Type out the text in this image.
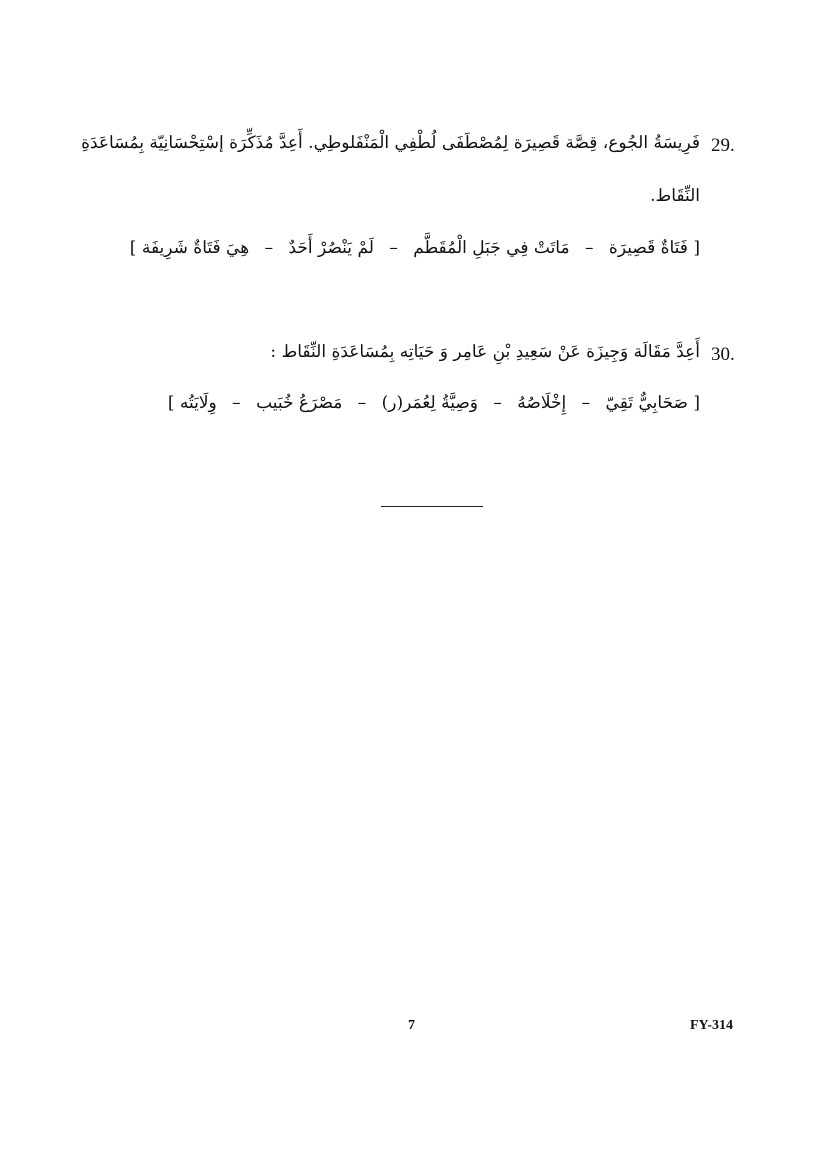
29.
فَرِيسَةُ الجُوع، قِصَّة قَصِيرَة لِمُصْطَفَى لُطْفِي الْمَنْفَلوطِي. أَعِدَّ مُذَكِّرَة إسْتِحْسَانِيّة بِمُسَاعَدَةِ
النِّقَاط.
[ فَتَاةٌ قَصِيرَة – مَاتَتْ فِي جَبَلِ الْمُقَطَّم – لَمْ يَنْصُرْ أَحَدٌ – هِيَ فَتَاةٌ شَرِيفَة ]
30.
أَعِدَّ مَقَالَة وَجِيزَة عَنْ سَعِيدِ بْنِ عَامِر وَ حَيَاتِه بِمُسَاعَدَةِ النِّقَاط :
[ صَحَابِيٌّ تَقِيّ – إِخْلَاصُهُ – وَصِيَّةُ لِعُمَر(ر) – مَصْرَعُ خُبَيب – وِلَايَتُه ]
7	FY-314
